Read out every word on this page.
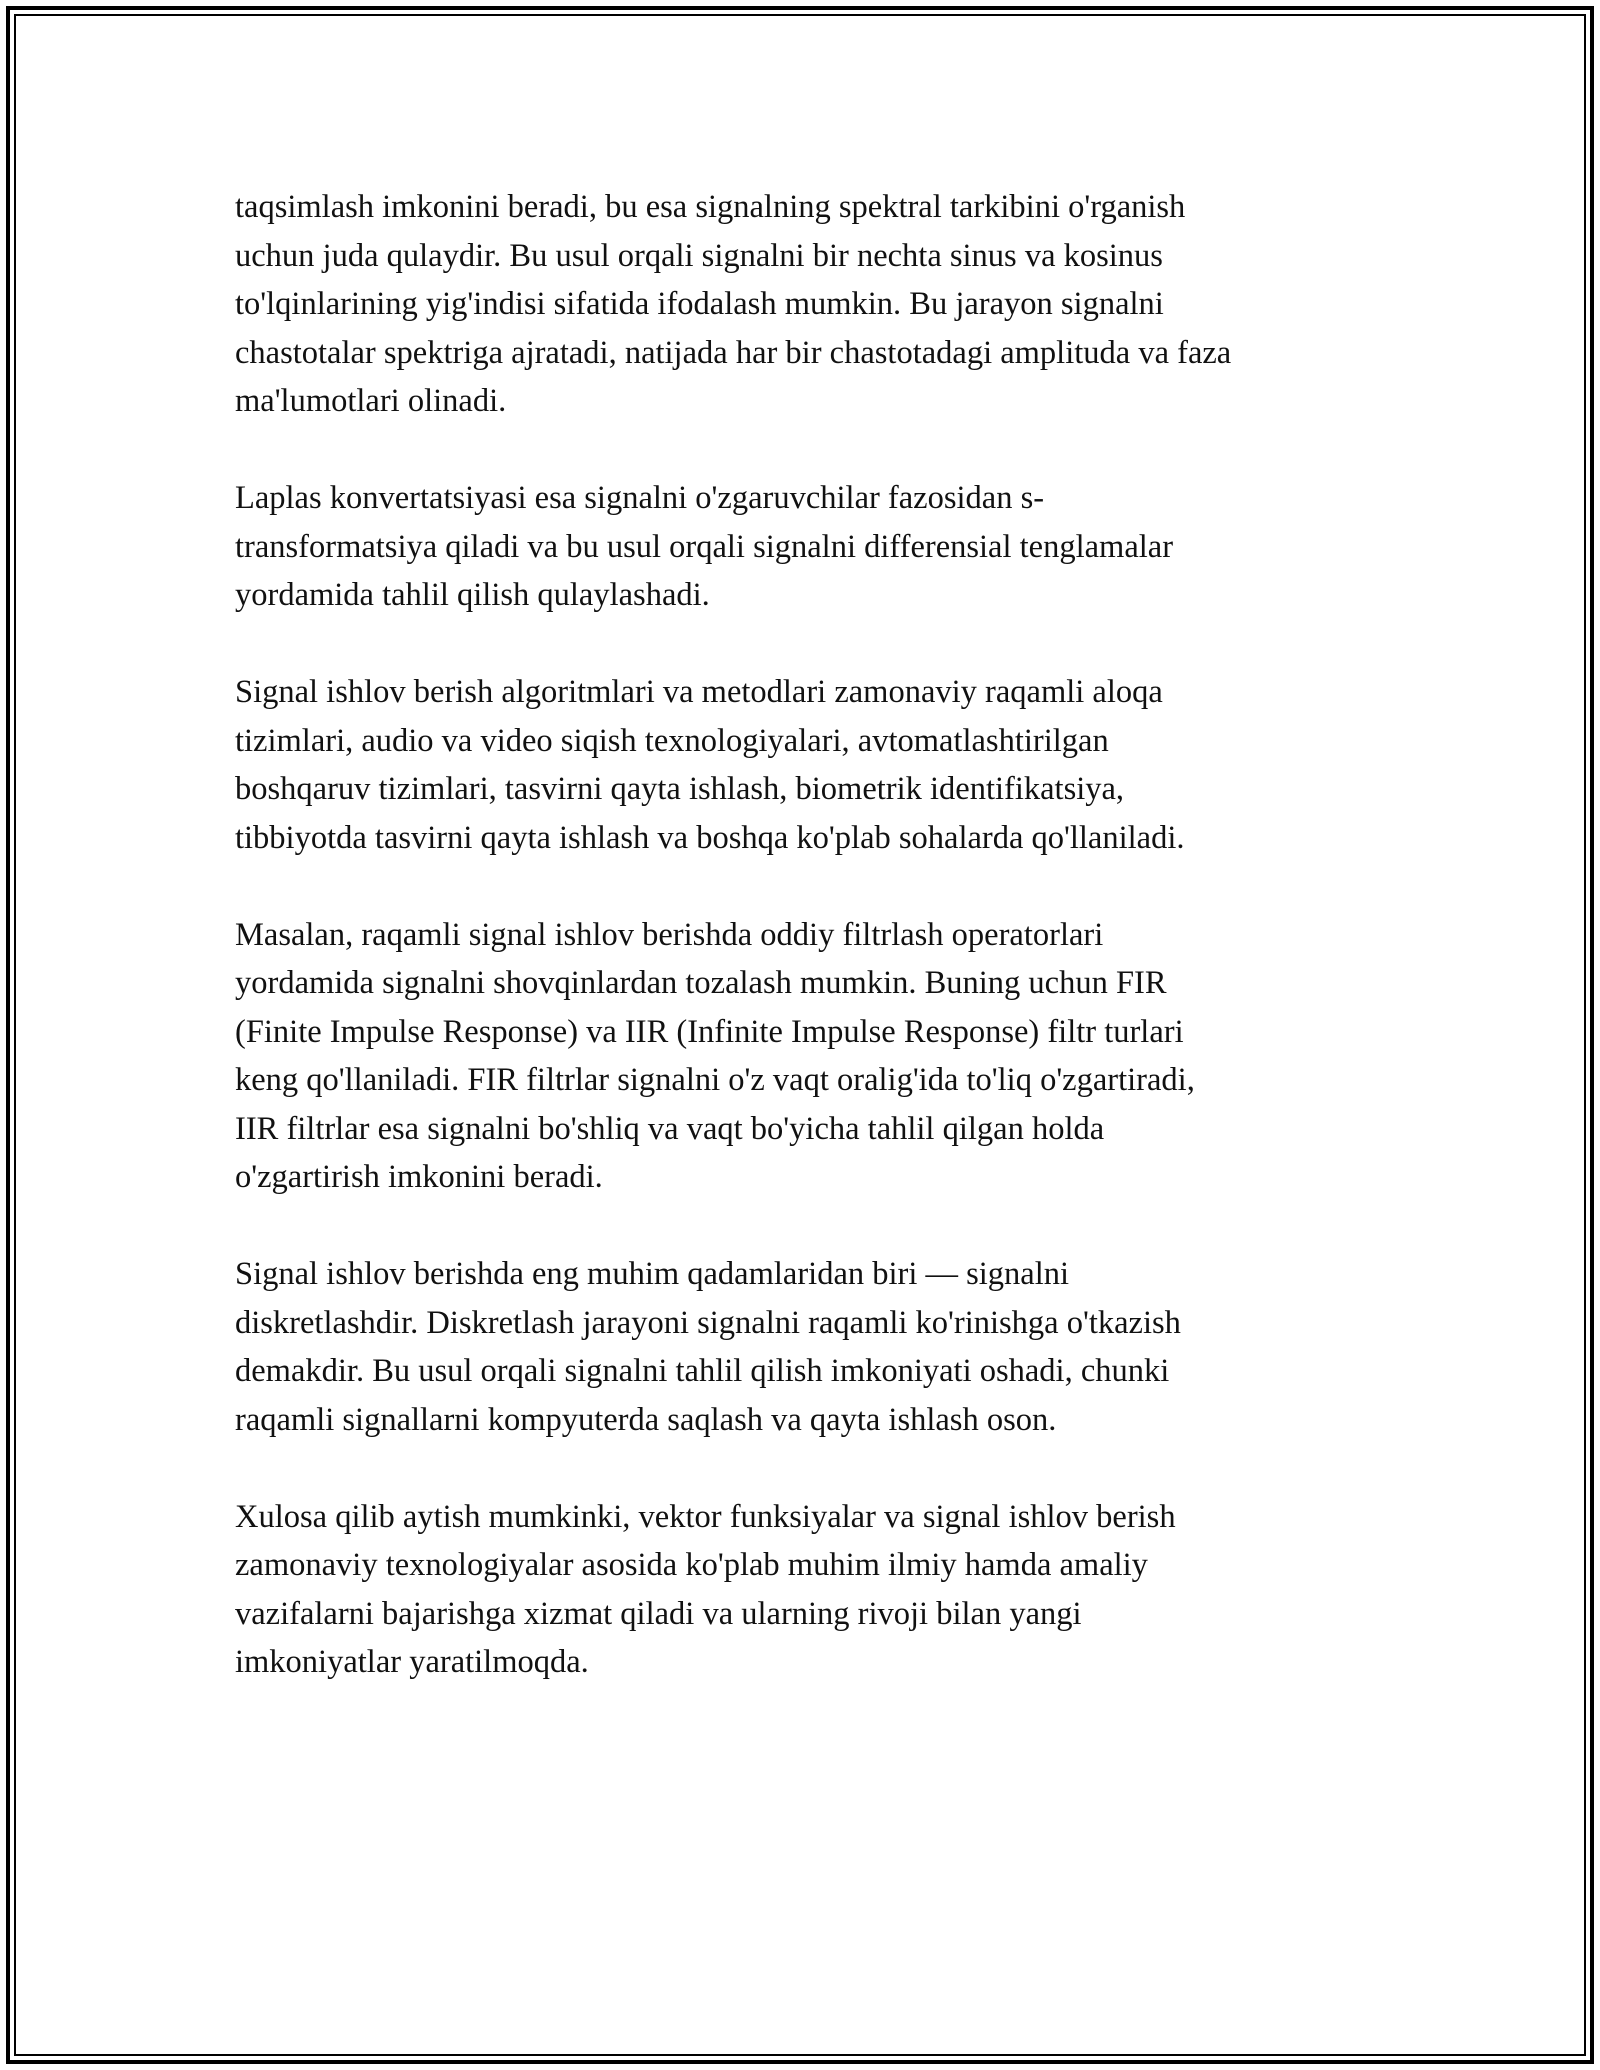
taqsimlash imkonini beradi, bu esa signalning spektral tarkibini o'rganish
uchun juda qulaydir. Bu usul orqali signalni bir nechta sinus va kosinus
to'lqinlarining yig'indisi sifatida ifodalash mumkin. Bu jarayon signalni
chastotalar spektriga ajratadi, natijada har bir chastotadagi amplituda va faza
ma'lumotlari olinadi.

Laplas konvertatsiyasi esa signalni o'zgaruvchilar fazosidan s-
transformatsiya qiladi va bu usul orqali signalni differensial tenglamalar
yordamida tahlil qilish qulaylashadi.

Signal ishlov berish algoritmlari va metodlari zamonaviy raqamli aloqa
tizimlari, audio va video siqish texnologiyalari, avtomatlashtirilgan
boshqaruv tizimlari, tasvirni qayta ishlash, biometrik identifikatsiya,
tibbiyotda tasvirni qayta ishlash va boshqa ko'plab sohalarda qo'llaniladi.

Masalan, raqamli signal ishlov berishda oddiy filtrlash operatorlari
yordamida signalni shovqinlardan tozalash mumkin. Buning uchun FIR
(Finite Impulse Response) va IIR (Infinite Impulse Response) filtr turlari
keng qo'llaniladi. FIR filtrlar signalni o'z vaqt oralig'ida to'liq o'zgartiradi,
IIR filtrlar esa signalni bo'shliq va vaqt bo'yicha tahlil qilgan holda
o'zgartirish imkonini beradi.

Signal ishlov berishda eng muhim qadamlaridan biri — signalni
diskretlashdir. Diskretlash jarayoni signalni raqamli ko'rinishga o'tkazish
demakdir. Bu usul orqali signalni tahlil qilish imkoniyati oshadi, chunki
raqamli signallarni kompyuterda saqlash va qayta ishlash oson.

Xulosa qilib aytish mumkinki, vektor funksiyalar va signal ishlov berish
zamonaviy texnologiyalar asosida ko'plab muhim ilmiy hamda amaliy
vazifalarni bajarishga xizmat qiladi va ularning rivoji bilan yangi
imkoniyatlar yaratilmoqda.
